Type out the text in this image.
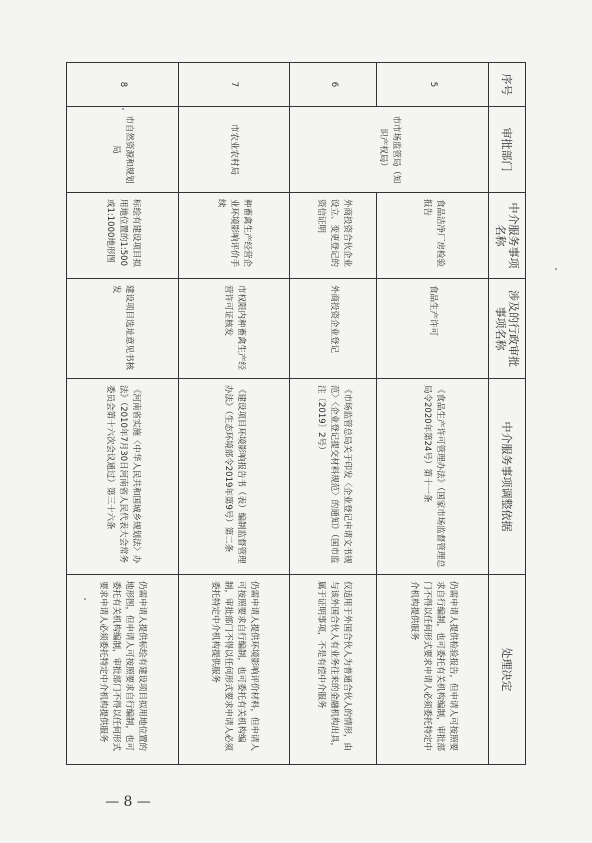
序号	审批部门	中介服务事项名称	涉及的行政审批事项名称	中介服务事项调整依据	处理决定
5	市市场监管局（知识产权局）	食品洁净厂房检验报告	食品生产许可	《食品生产许可管理办法》（国家市场监督管理总局令2020年第24号）第十一条	仍需申请人提供检验报告，但申请人可按照要求自行编制，也可委托有关机构编制，审批部门不得以任何形式要求申请人必须委托特定中介机构提供服务
6		外商投资合伙企业设立、变更登记的资信证明	外商投资企业登记	《市场监管总局关于印发〈企业登记申请文书规范〉〈企业登记提交材料规范〉的通知》（国市监注〔2019〕2号）	仅适用于外国合伙人为普通合伙人的情形，由与该外国合伙人有业务往来的金融机构出具，属于证明事项，不是有偿中介服务
7	市农业农村局	种畜禽生产经营企业环境影响评价手续	市权限内种畜禽生产经营许可证核发	《建设项目环境影响报告书（表）编制监督管理办法》（生态环境部令2019年第9号）第二条	仍需申请人提供环境影响评价材料，但申请人可按照要求自行编制，也可委托有关机构编制，审批部门不得以任何形式要求申请人必须委托特定中介机构提供服务
8	市自然资源和规划局	标绘有建设项目拟用地位置的1:500或1:1000地形图	建设项目选址意见书核发	《河南省实施〈中华人民共和国城乡规划法〉办法》（2010年7月30日河南省人民代表大会常务委员会第十六次会议通过）第三十六条	仍需申请人提供标绘有建设项目拟用地位置的地形图，但申请人可按照要求自行编制，也可委托有关机构编制，审批部门不得以任何形式要求申请人必须委托特定中介机构提供服务
— 8 —
